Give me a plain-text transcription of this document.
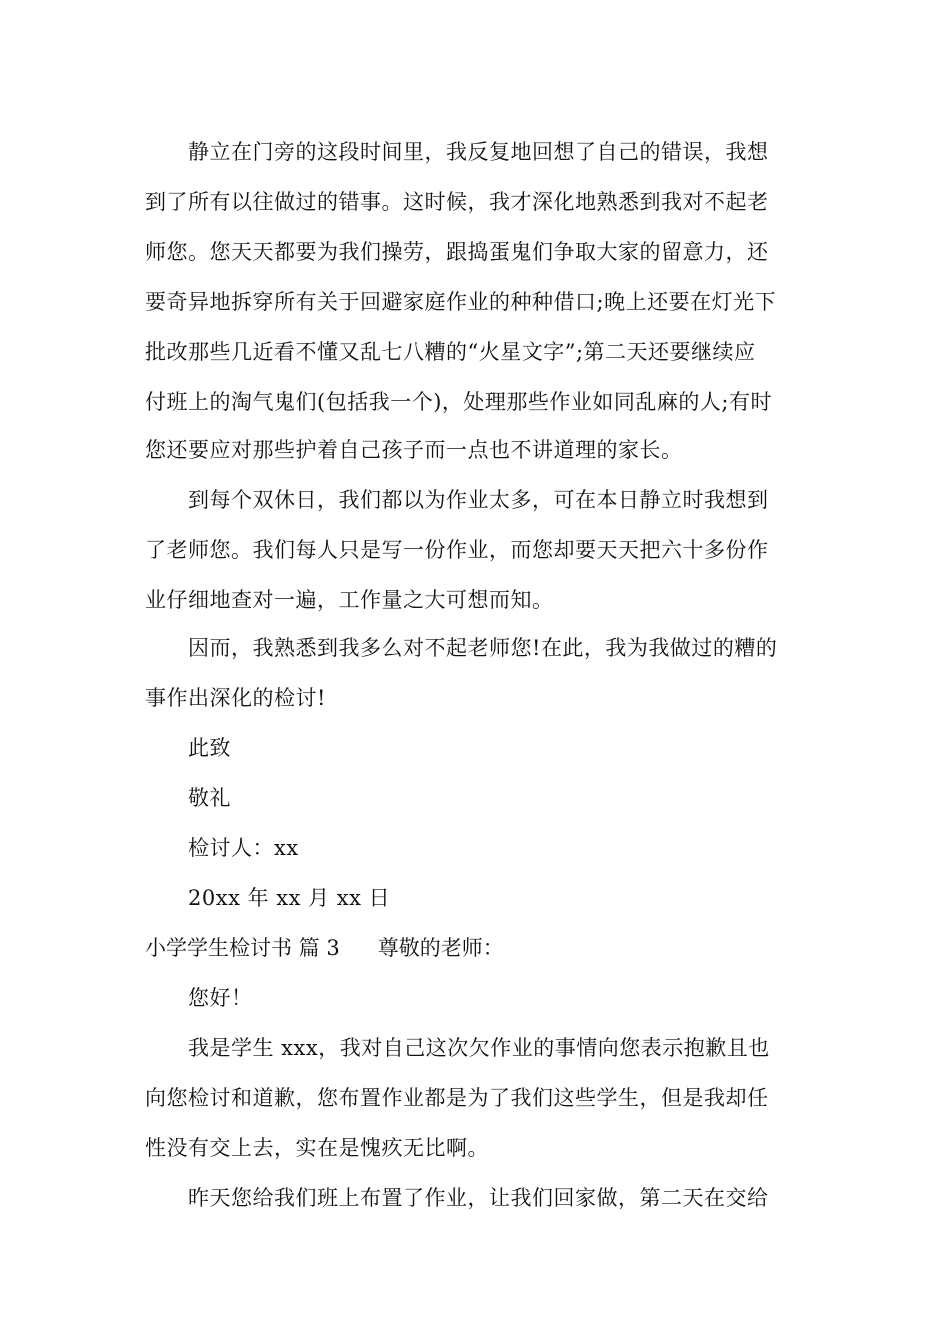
静立在门旁的这段时间里，我反复地回想了自己的错误，我想
到了所有以往做过的错事。这时候，我才深化地熟悉到我对不起老
师您。您天天都要为我们操劳，跟捣蛋鬼们争取大家的留意力，还
要奇异地拆穿所有关于回避家庭作业的种种借口;晚上还要在灯光下
批改那些几近看不懂又乱七八糟的“火星文字”;第二天还要继续应
付班上的淘气鬼们(包括我一个)，处理那些作业如同乱麻的人;有时
您还要应对那些护着自己孩子而一点也不讲道理的家长。
到每个双休日，我们都以为作业太多，可在本日静立时我想到
了老师您。我们每人只是写一份作业，而您却要天天把六十多份作
业仔细地查对一遍，工作量之大可想而知。
因而，我熟悉到我多么对不起老师您!在此，我为我做过的糟的
事作出深化的检讨!
此致
敬礼
检讨人：xx
20xx 年 xx 月 xx 日
小学学生检讨书 篇 3 尊敬的老师：
您好！
我是学生 xxx，我对自己这次欠作业的事情向您表示抱歉且也
向您检讨和道歉，您布置作业都是为了我们这些学生，但是我却任
性没有交上去，实在是愧疚无比啊。
昨天您给我们班上布置了作业，让我们回家做，第二天在交给
